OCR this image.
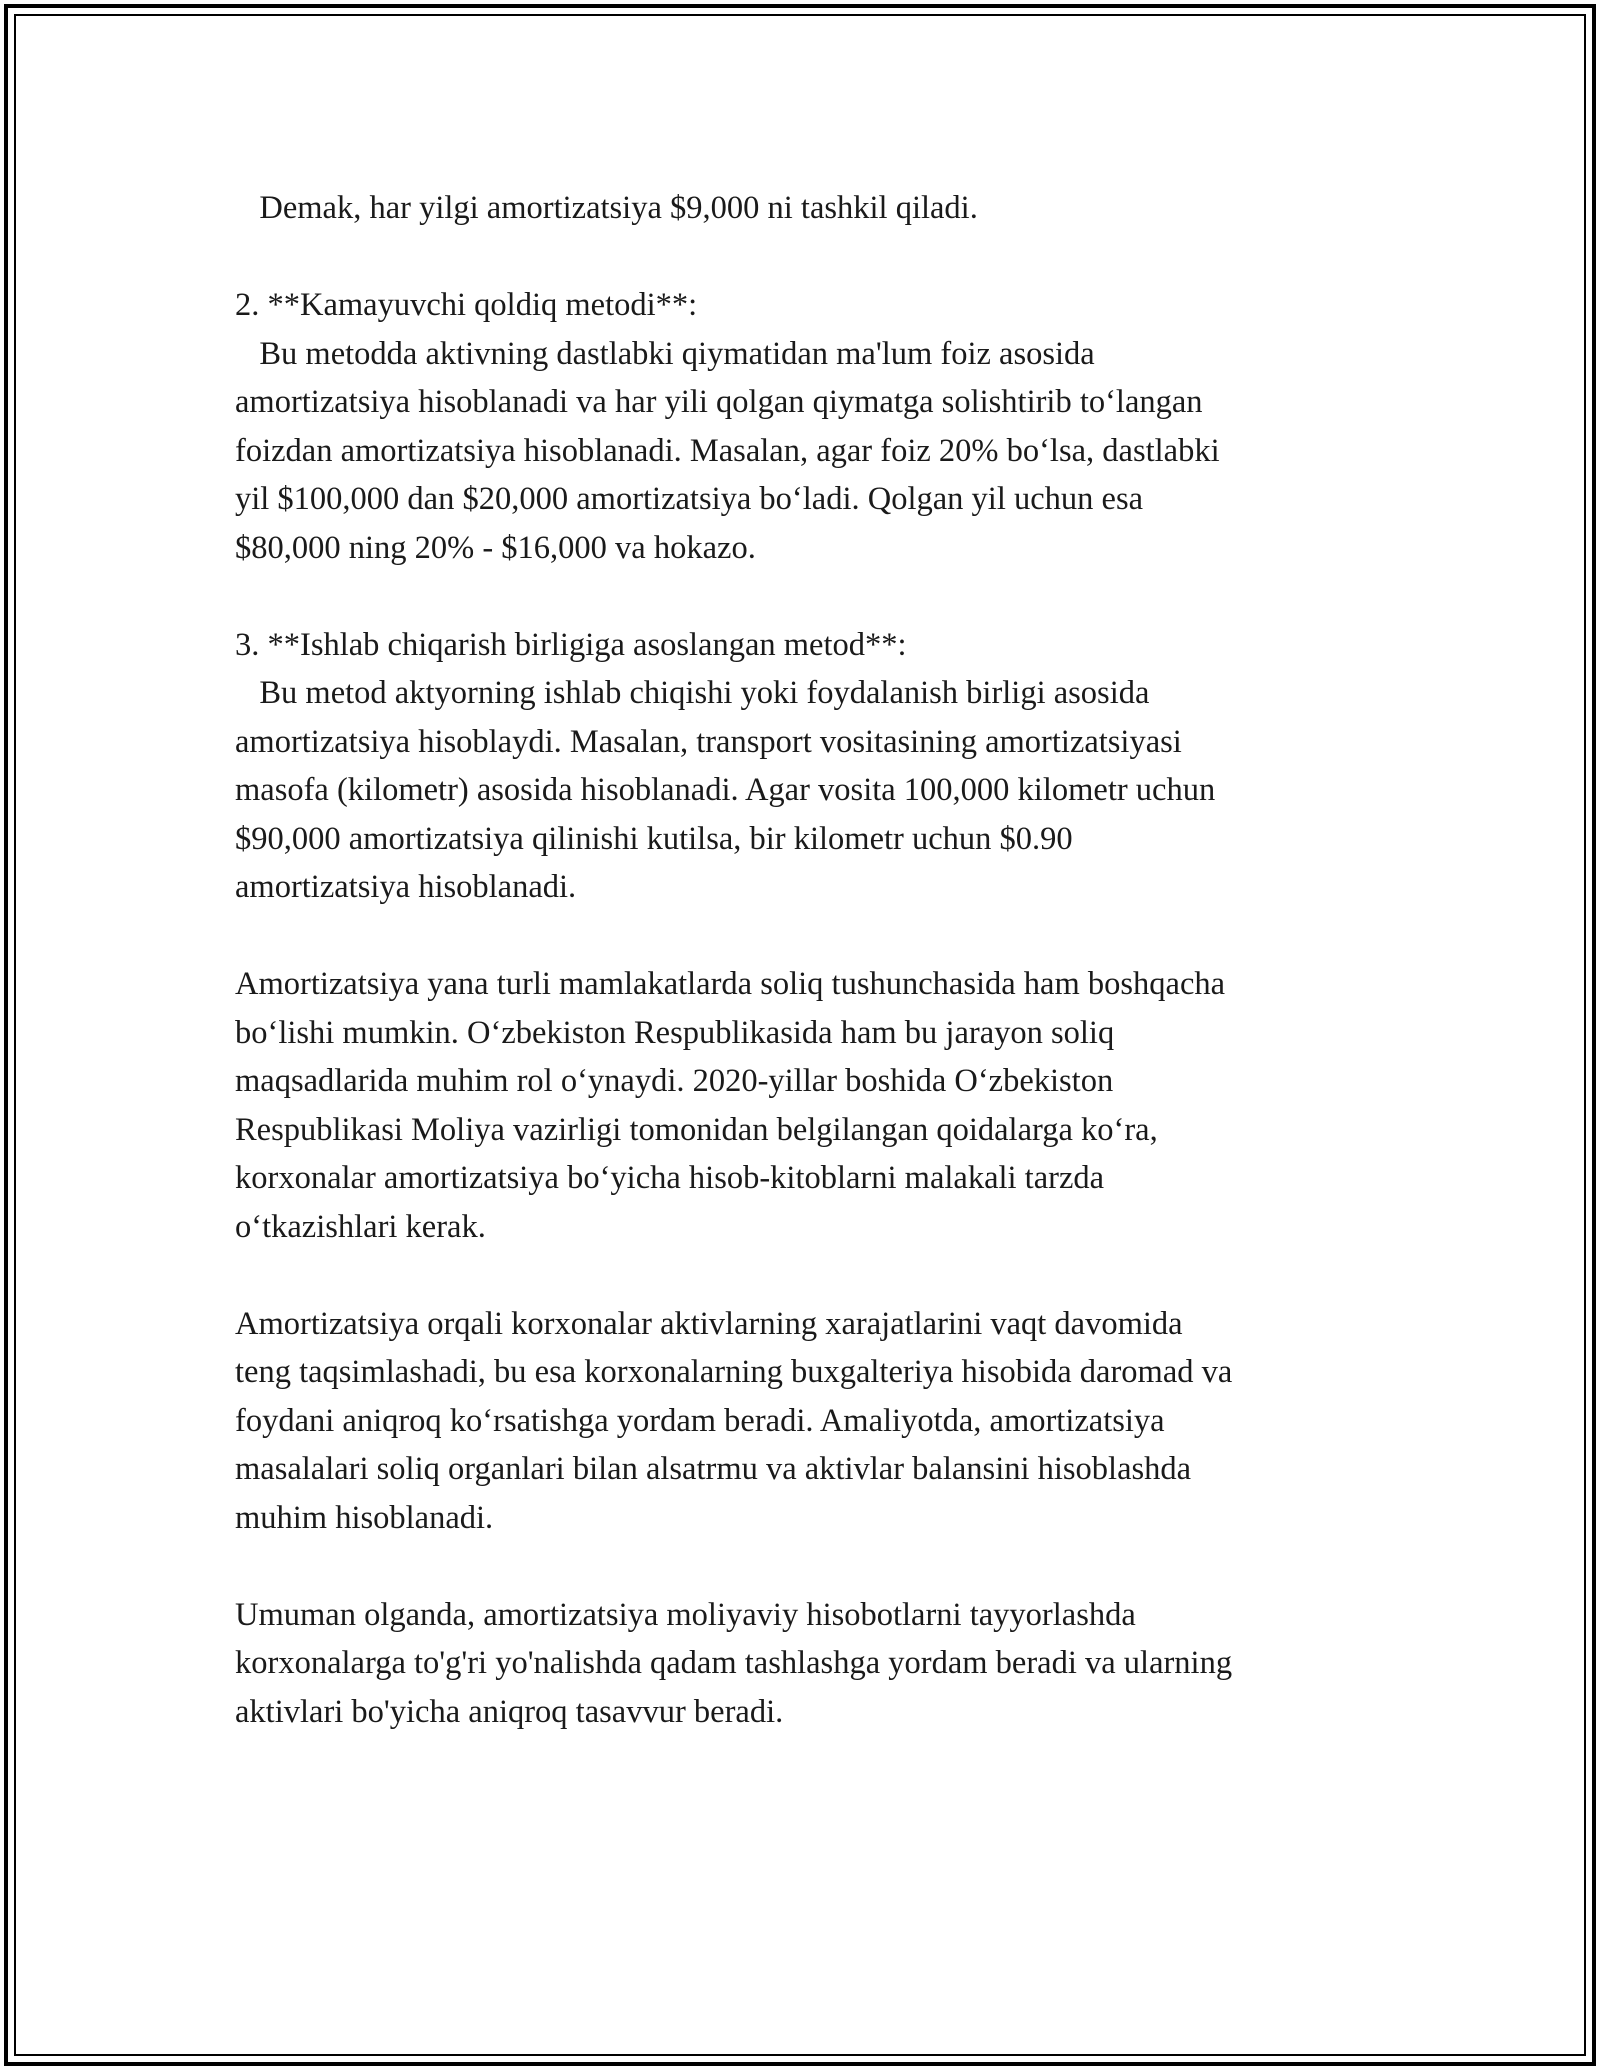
Demak, har yilgi amortizatsiya $9,000 ni tashkil qiladi.
2. **Kamayuvchi qoldiq metodi**:
Bu metodda aktivning dastlabki qiymatidan ma'lum foiz asosida
amortizatsiya hisoblanadi va har yili qolgan qiymatga solishtirib to‘langan
foizdan amortizatsiya hisoblanadi. Masalan, agar foiz 20% bo‘lsa, dastlabki
yil $100,000 dan $20,000 amortizatsiya bo‘ladi. Qolgan yil uchun esa
$80,000 ning 20% - $16,000 va hokazo.
3. **Ishlab chiqarish birligiga asoslangan metod**:
Bu metod aktyorning ishlab chiqishi yoki foydalanish birligi asosida
amortizatsiya hisoblaydi. Masalan, transport vositasining amortizatsiyasi
masofa (kilometr) asosida hisoblanadi. Agar vosita 100,000 kilometr uchun
$90,000 amortizatsiya qilinishi kutilsa, bir kilometr uchun $0.90
amortizatsiya hisoblanadi.
Amortizatsiya yana turli mamlakatlarda soliq tushunchasida ham boshqacha
bo‘lishi mumkin. O‘zbekiston Respublikasida ham bu jarayon soliq
maqsadlarida muhim rol o‘ynaydi. 2020-yillar boshida O‘zbekiston
Respublikasi Moliya vazirligi tomonidan belgilangan qoidalarga ko‘ra,
korxonalar amortizatsiya bo‘yicha hisob-kitoblarni malakali tarzda
o‘tkazishlari kerak.
Amortizatsiya orqali korxonalar aktivlarning xarajatlarini vaqt davomida
teng taqsimlashadi, bu esa korxonalarning buxgalteriya hisobida daromad va
foydani aniqroq ko‘rsatishga yordam beradi. Amaliyotda, amortizatsiya
masalalari soliq organlari bilan alsatrmu va aktivlar balansini hisoblashda
muhim hisoblanadi.
Umuman olganda, amortizatsiya moliyaviy hisobotlarni tayyorlashda
korxonalarga to'g'ri yo'nalishda qadam tashlashga yordam beradi va ularning
aktivlari bo'yicha aniqroq tasavvur beradi.
